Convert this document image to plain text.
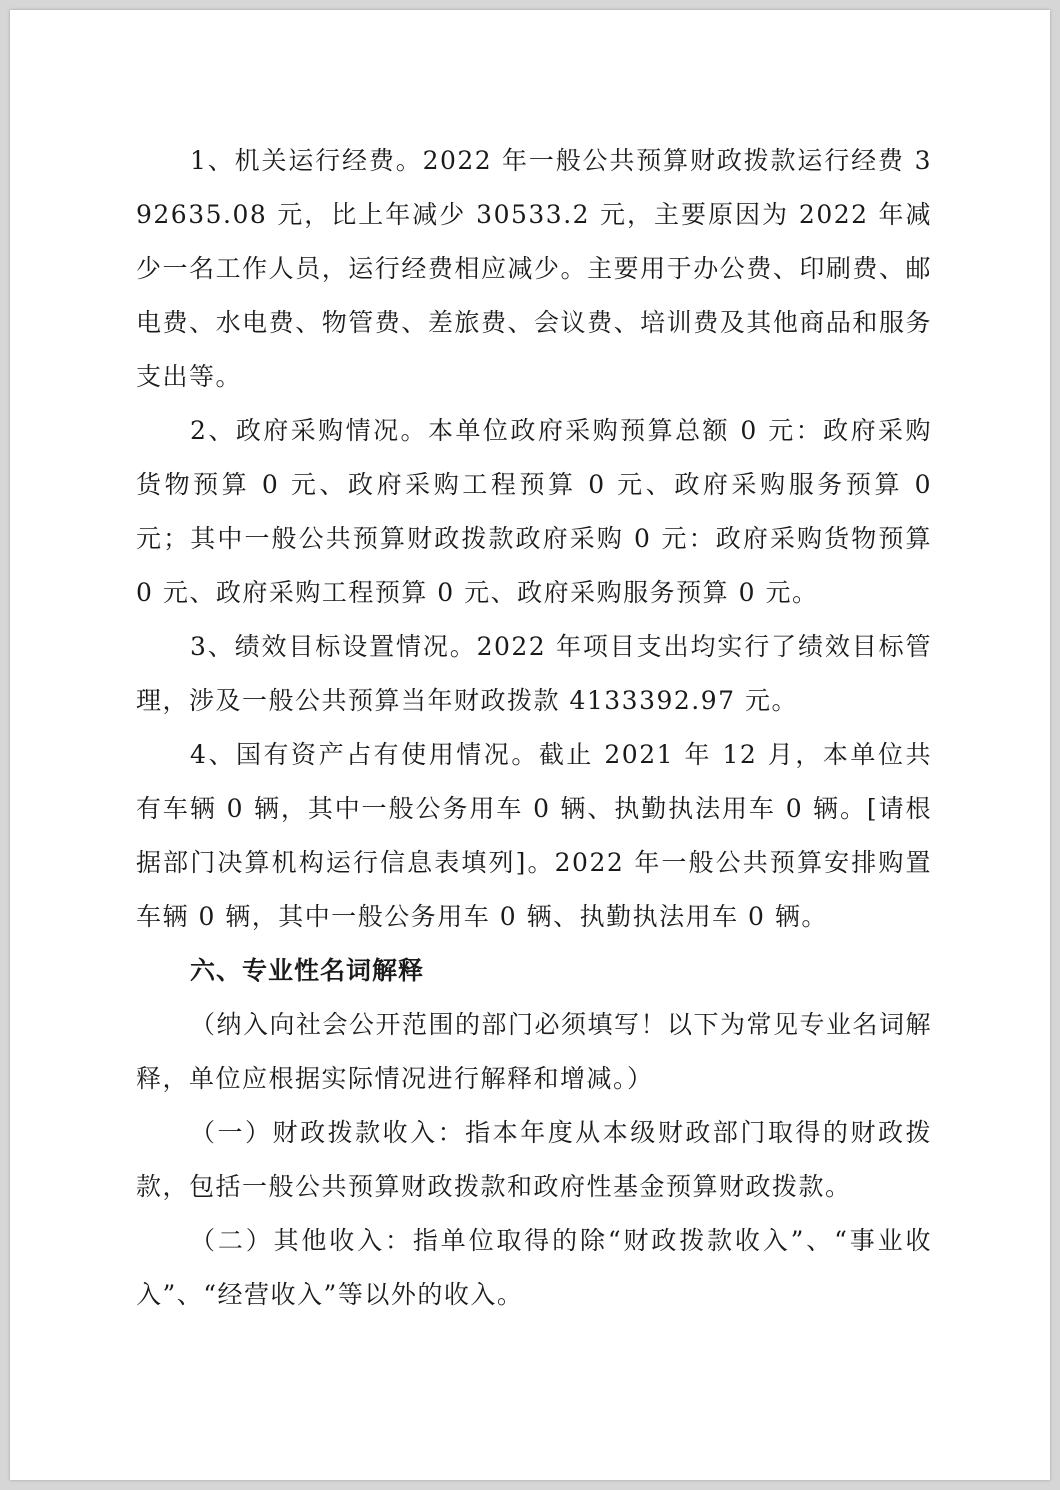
1、机关运行经费。2022 年一般公共预算财政拨款运行经费 392635.08 元，比上年减少 30533.2 元，主要原因为 2022 年减少一名工作人员，运行经费相应减少。主要用于办公费、印刷费、邮电费、水电费、物管费、差旅费、会议费、培训费及其他商品和服务支出等。

2、政府采购情况。本单位政府采购预算总额 0 元：政府采购货物预算 0 元、政府采购工程预算 0 元、政府采购服务预算 0 元；其中一般公共预算财政拨款政府采购 0 元：政府采购货物预算 0 元、政府采购工程预算 0 元、政府采购服务预算 0 元。

3、绩效目标设置情况。2022 年项目支出均实行了绩效目标管理，涉及一般公共预算当年财政拨款 4133392.97 元。

4、国有资产占有使用情况。截止 2021 年 12 月，本单位共有车辆 0 辆，其中一般公务用车 0 辆、执勤执法用车 0 辆。[请根据部门决算机构运行信息表填列]。2022 年一般公共预算安排购置车辆 0 辆，其中一般公务用车 0 辆、执勤执法用车 0 辆。

六、专业性名词解释

（纳入向社会公开范围的部门必须填写！以下为常见专业名词解释，单位应根据实际情况进行解释和增减。）

（一）财政拨款收入：指本年度从本级财政部门取得的财政拨款，包括一般公共预算财政拨款和政府性基金预算财政拨款。

（二）其他收入：指单位取得的除“财政拨款收入”、“事业收入”、“经营收入”等以外的收入。
